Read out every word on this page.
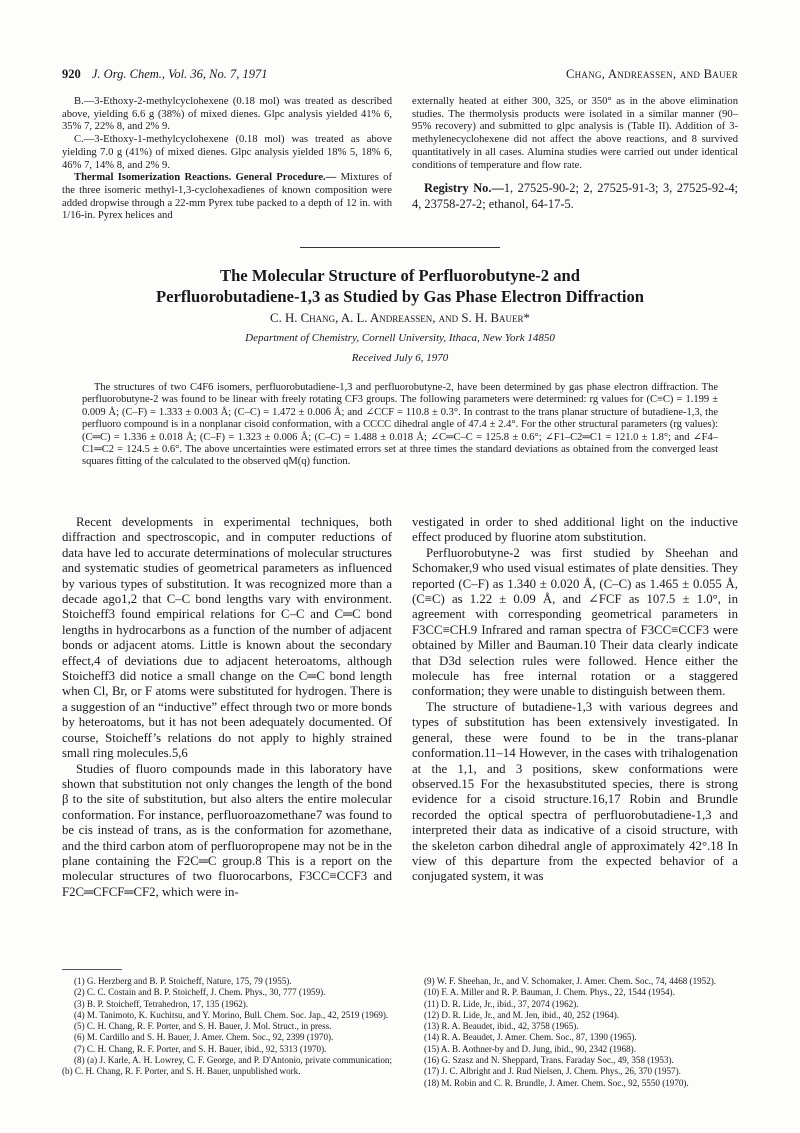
920 J. Org. Chem., Vol. 36, No. 7, 1971	Chang, Andreassen, and Bauer

B.—3-Ethoxy-2-methylcyclohexene (0.18 mol) was treated as described above, yielding 6.6 g (38%) of mixed dienes. Glpc analysis yielded 41% 6, 35% 7, 22% 8, and 2% 9.

C.—3-Ethoxy-1-methylcyclohexene (0.18 mol) was treated as above yielding 7.0 g (41%) of mixed dienes. Glpc analysis yielded 18% 5, 18% 6, 46% 7, 14% 8, and 2% 9.

Thermal Isomerization Reactions. General Procedure.— Mixtures of the three isomeric methyl-1,3-cyclohexadienes of known composition were added dropwise through a 22-mm Pyrex tube packed to a depth of 12 in. with 1/16-in. Pyrex helices and

externally heated at either 300, 325, or 350° as in the above elimination studies. The thermolysis products were isolated in a similar manner (90–95% recovery) and submitted to glpc analysis is (Table II). Addition of 3-methylenecyclohexene did not affect the above reactions, and 8 survived quantitatively in all cases. Alumina studies were carried out under identical conditions of temperature and flow rate.

Registry No.—1, 27525-90-2; 2, 27525-91-3; 3, 27525-92-4; 4, 23758-27-2; ethanol, 64-17-5.
The Molecular Structure of Perfluorobutyne-2 and
Perfluorobutadiene-1,3 as Studied by Gas Phase Electron Diffraction
C. H. Chang, A. L. Andreassen, and S. H. Bauer*
Department of Chemistry, Cornell University, Ithaca, New York 14850
Received July 6, 1970

The structures of two C4F6 isomers, perfluorobutadiene-1,3 and perfluorobutyne-2, have been determined by gas phase electron diffraction. The perfluorobutyne-2 was found to be linear with freely rotating CF3 groups. The following parameters were determined: rg values for (C≡C) = 1.199 ± 0.009 Å; (C–F) = 1.333 ± 0.003 Å; (C–C) = 1.472 ± 0.006 Å; and ∠CCF = 110.8 ± 0.3°. In contrast to the trans planar structure of butadiene-1,3, the perfluoro compound is in a nonplanar cisoid conformation, with a CCCC dihedral angle of 47.4 ± 2.4°. For the other structural parameters (rg values): (C═C) = 1.336 ± 0.018 Å; (C–F) = 1.323 ± 0.006 Å; (C–C) = 1.488 ± 0.018 Å; ∠C═C–C = 125.8 ± 0.6°; ∠F1–C2═C1 = 121.0 ± 1.8°; and ∠F4–C1═C2 = 124.5 ± 0.6°. The above uncertainties were estimated errors set at three times the standard deviations as obtained from the converged least squares fitting of the calculated to the observed qM(q) function.

Recent developments in experimental techniques, both diffraction and spectroscopic, and in computer reductions of data have led to accurate determinations of molecular structures and systematic studies of geometrical parameters as influenced by various types of substitution. It was recognized more than a decade ago1,2 that C–C bond lengths vary with environment. Stoicheff3 found empirical relations for C–C and C═C bond lengths in hydrocarbons as a function of the number of adjacent bonds or adjacent atoms. Little is known about the secondary effect,4 of deviations due to adjacent heteroatoms, although Stoicheff3 did notice a small change on the C═C bond length when Cl, Br, or F atoms were substituted for hydrogen. There is a suggestion of an “inductive” effect through two or more bonds by heteroatoms, but it has not been adequately documented. Of course, Stoicheff’s relations do not apply to highly strained small ring molecules.5,6

Studies of fluoro compounds made in this laboratory have shown that substitution not only changes the length of the bond β to the site of substitution, but also alters the entire molecular conformation. For instance, perfluoroazomethane7 was found to be cis instead of trans, as is the conformation for azomethane, and the third carbon atom of perfluoropropene may not be in the plane containing the F2C═C group.8 This is a report on the molecular structures of two fluorocarbons, F3CC≡CCF3 and F2C═CFCF═CF2, which were in-

vestigated in order to shed additional light on the inductive effect produced by fluorine atom substitution.

Perfluorobutyne-2 was first studied by Sheehan and Schomaker,9 who used visual estimates of plate densities. They reported (C–F) as 1.340 ± 0.020 Å, (C–C) as 1.465 ± 0.055 Å, (C≡C) as 1.22 ± 0.09 Å, and ∠FCF as 107.5 ± 1.0°, in agreement with corresponding geometrical parameters in F3CC≡CH.9 Infrared and raman spectra of F3CC≡CCF3 were obtained by Miller and Bauman.10 Their data clearly indicate that D3d selection rules were followed. Hence either the molecule has free internal rotation or a staggered conformation; they were unable to distinguish between them.

The structure of butadiene-1,3 with various degrees and types of substitution has been extensively investigated. In general, these were found to be in the trans-planar conformation.11–14 However, in the cases with trihalogenation at the 1,1, and 3 positions, skew conformations were observed.15 For the hexasubstituted species, there is strong evidence for a cisoid structure.16,17 Robin and Brundle recorded the optical spectra of perfluorobutadiene-1,3 and interpreted their data as indicative of a cisoid structure, with the skeleton carbon dihedral angle of approximately 42°.18 In view of this departure from the expected behavior of a conjugated system, it was

(1) G. Herzberg and B. P. Stoicheff, Nature, 175, 79 (1955).
(2) C. C. Costain and B. P. Stoicheff, J. Chem. Phys., 30, 777 (1959).
(3) B. P. Stoicheff, Tetrahedron, 17, 135 (1962).
(4) M. Tanimoto, K. Kuchitsu, and Y. Morino, Bull. Chem. Soc. Jap., 42, 2519 (1969).
(5) C. H. Chang, R. F. Porter, and S. H. Bauer, J. Mol. Struct., in press.
(6) M. Cardillo and S. H. Bauer, J. Amer. Chem. Soc., 92, 2399 (1970).
(7) C. H. Chang, R. F. Porter, and S. H. Bauer, ibid., 92, 5313 (1970).
(8) (a) J. Karle, A. H. Lowrey, C. F. George, and P. D'Antonio, private communication; (b) C. H. Chang, R. F. Porter, and S. H. Bauer, unpublished work.
(9) W. F. Sheehan, Jr., and V. Schomaker, J. Amer. Chem. Soc., 74, 4468 (1952).
(10) F. A. Miller and R. P. Bauman, J. Chem. Phys., 22, 1544 (1954).
(11) D. R. Lide, Jr., ibid., 37, 2074 (1962).
(12) D. R. Lide, Jr., and M. Jen, ibid., 40, 252 (1964).
(13) R. A. Beaudet, ibid., 42, 3758 (1965).
(14) R. A. Beaudet, J. Amer. Chem. Soc., 87, 1390 (1965).
(15) A. B. Aothner-by and D. Jung, ibid., 90, 2342 (1968).
(16) G. Szasz and N. Sheppard, Trans. Faraday Soc., 49, 358 (1953).
(17) J. C. Albright and J. Rud Nielsen, J. Chem. Phys., 26, 370 (1957).
(18) M. Robin and C. R. Brundle, J. Amer. Chem. Soc., 92, 5550 (1970).
